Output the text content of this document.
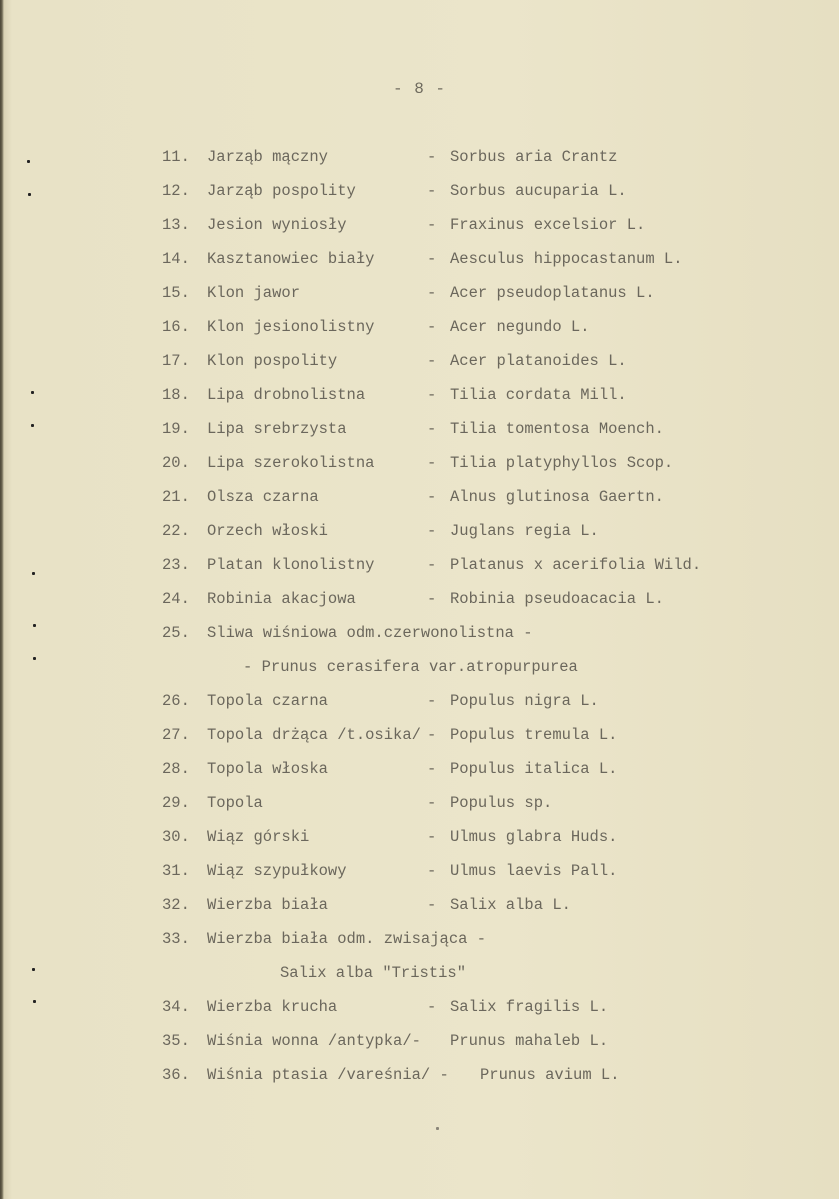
- 8 -
11.	Jarząb mączny	- Sorbus aria Crantz
12.	Jarząb pospolity	- Sorbus aucuparia L.
13.	Jesion wyniosły	- Fraxinus excelsior L.
14.	Kasztanowiec biały	- Aesculus hippocastanum L.
15.	Klon jawor	- Acer pseudoplatanus L.
16.	Klon jesionolistny	- Acer negundo L.
17.	Klon pospolity	- Acer platanoides L.
18.	Lipa drobnolistna	- Tilia cordata Mill.
19.	Lipa srebrzysta	- Tilia tomentosa Moench.
20.	Lipa szerokolistna	- Tilia platyphyllos Scop.
21.	Olsza czarna	- Alnus glutinosa Gaertn.
22.	Orzech włoski	- Juglans regia L.
23.	Platan klonolistny	- Platanus x acerifolia Wild.
24.	Robinia akacjowa	- Robinia pseudoacacia L.
25.	Sliwa wiśniowa odm.czerwonolistna -
- Prunus cerasifera var.atropurpurea
26.	Topola czarna	- Populus nigra L.
27.	Topola drżąca /t.osika/ - Populus tremula L.
28.	Topola włoska	- Populus italica L.
29.	Topola	- Populus sp.
30.	Wiąz górski	- Ulmus glabra Huds.
31.	Wiąz szypułkowy	- Ulmus laevis Pall.
32.	Wierzba biała	- Salix alba L.
33.	Wierzba biała odm. zwisająca -
Salix alba "Tristis"
34.	Wierzba krucha	- Salix fragilis L.
35.	Wiśnia wonna /antypka/- Prunus mahaleb L.
36.	Wiśnia ptasia /vareśnia/ - Prunus avium L.
